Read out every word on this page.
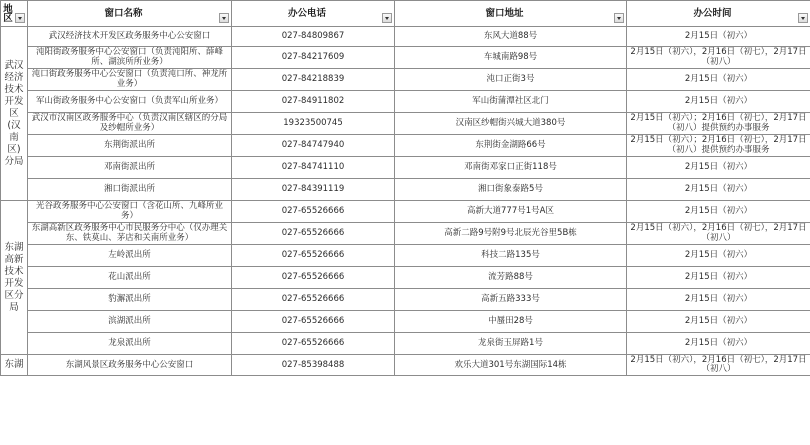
地区	窗口名称	办公电话	窗口地址	办公时间

武汉经济技术开发区(汉南区)分局	武汉经济技术开发区政务服务中心公安窗口	027-84809867	东风大道88号	2月15日（初六）
	沌阳街政务服务中心公安窗口（负责沌阳所、薛峰所、湖滨所所业务）	027-84217609	车城南路98号	2月15日（初六），2月16日（初七），2月17日（初八）
	沌口街政务服务中心公安窗口（负责沌口所、神龙所业务）	027-84218839	沌口正街3号	2月15日（初六）
	军山街政务服务中心公安窗口（负责军山所业务）	027-84911802	军山街蒲潭社区北门	2月15日（初六）
	武汉市汉南区政务服务中心（负责汉南区辖区的分局及纱帽所业务）	19323500745	汉南区纱帽街兴城大道380号	2月15日（初六）；2月16日（初七），2月17日（初八）提供预约办事服务
	东荆街派出所	027-84747940	东荆街金湖路66号	2月15日（初六）；2月16日（初七），2月17日（初八）提供预约办事服务
	邓南街派出所	027-84741110	邓南街邓家口正街118号	2月15日（初六）
	湘口街派出所	027-84391119	湘口街象泰路5号	2月15日（初六）
东湖高新技术开发区分局	光谷政务服务中心公安窗口（含花山所、九峰所业务）	027-65526666	高新大道777号1号A区	2月15日（初六）
	东湖高新区政务服务中心市民服务分中心（仅办理关东、铁莫山、茅店和关南所业务）	027-65526666	高新二路9号附9号北辰光谷里5B栋	2月15日（初六），2月16日（初七），2月17日（初八）
	左岭派出所	027-65526666	科技二路135号	2月15日（初六）
	花山派出所	027-65526666	流芳路88号	2月15日（初六）
	豹澥派出所	027-65526666	高新五路333号	2月15日（初六）
	滨湖派出所	027-65526666	中蜃田28号	2月15日（初六）
	龙泉派出所	027-65526666	龙泉街玉屏路1号	2月15日（初六）
东湖	东湖风景区政务服务中心公安窗口	027-85398488	欢乐大道301号东湖国际14栋	2月15日（初六），2月16日（初七），2月17日（初八）
